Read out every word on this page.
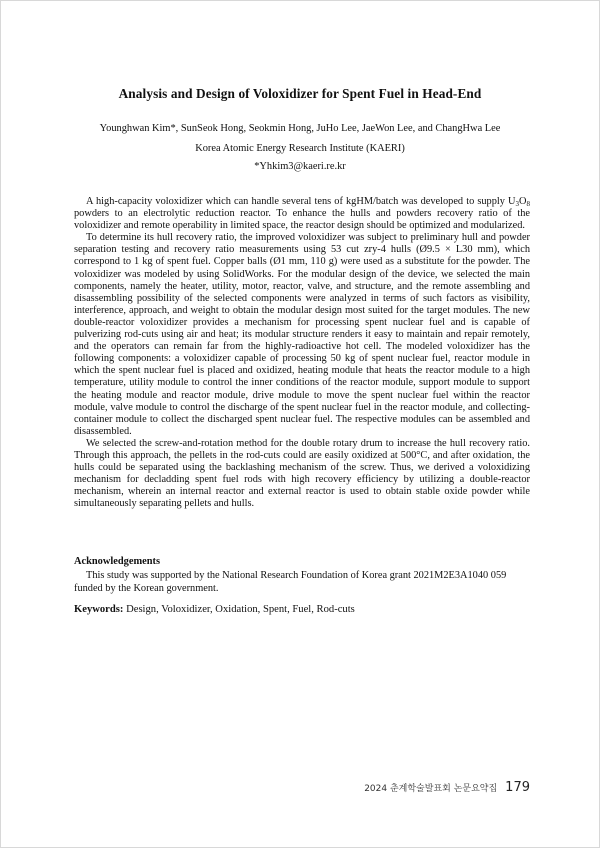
Analysis and Design of Voloxidizer for Spent Fuel in Head-End
Younghwan Kim*, SunSeok Hong, Seokmin Hong, JuHo Lee, JaeWon Lee, and ChangHwa Lee
Korea Atomic Energy Research Institute (KAERI)
*Yhkim3@kaeri.re.kr

A high-capacity voloxidizer which can handle several tens of kgHM/batch was developed to supply $U_3O_8$ powders to an electrolytic reduction reactor. To enhance the hulls and powders recovery ratio of the voloxidizer and remote operability in limited space, the reactor design should be optimized and modularized.

To determine its hull recovery ratio, the improved voloxidizer was subject to preliminary hull and powder separation testing and recovery ratio measurements using 53 cut zry-4 hulls (Ø9.5 × L30 mm), which correspond to 1 kg of spent fuel. Copper balls (Ø1 mm, 110 g) were used as a substitute for the powder. The voloxidizer was modeled by using SolidWorks. For the modular design of the device, we selected the main components, namely the heater, utility, motor, reactor, valve, and structure, and the remote assembling and disassembling possibility of the selected components were analyzed in terms of such factors as visibility, interference, approach, and weight to obtain the modular design most suited for the target modules. The new double-reactor voloxidizer provides a mechanism for processing spent nuclear fuel and is capable of pulverizing rod-cuts using air and heat; its modular structure renders it easy to maintain and repair remotely, and the operators can remain far from the highly-radioactive hot cell. The modeled voloxidizer has the following components: a voloxidizer capable of processing 50 kg of spent nuclear fuel, reactor module in which the spent nuclear fuel is placed and oxidized, heating module that heats the reactor module to a high temperature, utility module to control the inner conditions of the reactor module, support module to support the heating module and reactor module, drive module to move the spent nuclear fuel within the reactor module, valve module to control the discharge of the spent nuclear fuel in the reactor module, and collecting-container module to collect the discharged spent nuclear fuel. The respective modules can be assembled and disassembled.

We selected the screw-and-rotation method for the double rotary drum to increase the hull recovery ratio. Through this approach, the pellets in the rod-cuts could are easily oxidized at 500°C, and after oxidation, the hulls could be separated using the backlashing mechanism of the screw. Thus, we derived a voloxidizing mechanism for decladding spent fuel rods with high recovery efficiency by utilizing a double-reactor mechanism, wherein an internal reactor and external reactor is used to obtain stable oxide powder while simultaneously separating pellets and hulls.

Acknowledgements

This study was supported by the National Research Foundation of Korea grant 2021M2E3A1040 059 funded by the Korean government.

Keywords: Design, Voloxidizer, Oxidation, Spent, Fuel, Rod-cuts
2024 춘계학술발표회 논문요약집 179
